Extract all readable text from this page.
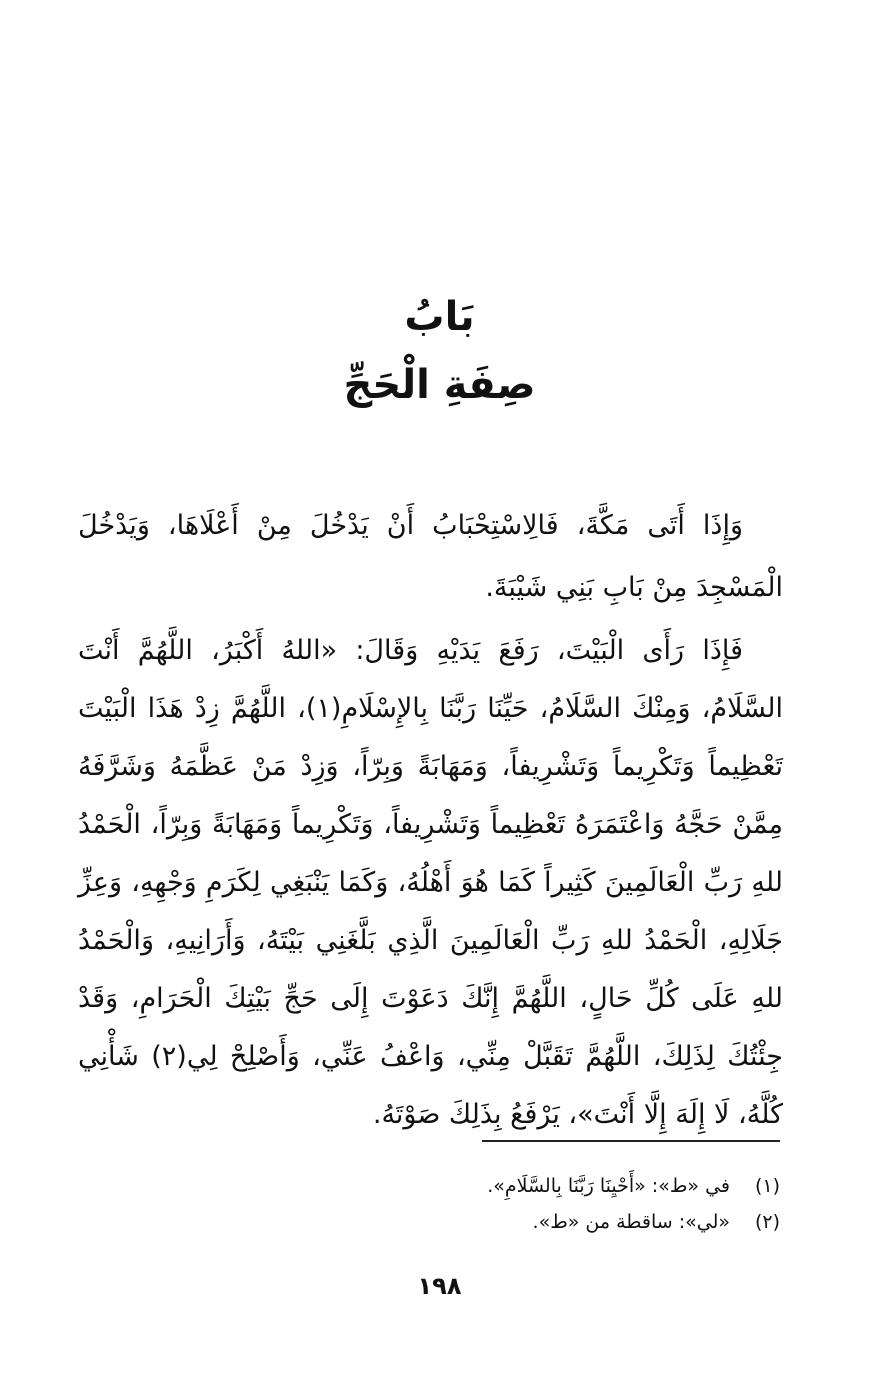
بَابُ
صِفَةِ الْحَجِّ

وَإِذَا أَتَى مَكَّةَ، فَالِاسْتِحْبَابُ أَنْ يَدْخُلَ مِنْ أَعْلَاهَا، وَيَدْخُلَ الْمَسْجِدَ مِنْ بَابِ بَنِي شَيْبَةَ.

فَإِذَا رَأَى الْبَيْتَ، رَفَعَ يَدَيْهِ وَقَالَ: «اللهُ أَكْبَرُ، اللَّهُمَّ أَنْتَ السَّلَامُ، وَمِنْكَ السَّلَامُ، حَيِّنَا رَبَّنَا بِالإِسْلَامِ(١)، اللَّهُمَّ زِدْ هَذَا الْبَيْتَ تَعْظِيماً وَتَكْرِيماً وَتَشْرِيفاً، وَمَهَابَةً وَبِرّاً، وَزِدْ مَنْ عَظَّمَهُ وَشَرَّفَهُ مِمَّنْ حَجَّهُ وَاعْتَمَرَهُ تَعْظِيماً وَتَشْرِيفاً، وَتَكْرِيماً وَمَهَابَةً وَبِرّاً، الْحَمْدُ للهِ رَبِّ الْعَالَمِينَ كَثِيراً كَمَا هُوَ أَهْلُهُ، وَكَمَا يَنْبَغِي لِكَرَمِ وَجْهِهِ، وَعِزِّ جَلَالِهِ، الْحَمْدُ للهِ رَبِّ الْعَالَمِينَ الَّذِي بَلَّغَنِي بَيْتَهُ، وَأَرَانِيهِ، وَالْحَمْدُ للهِ عَلَى كُلِّ حَالٍ، اللَّهُمَّ إِنَّكَ دَعَوْتَ إِلَى حَجِّ بَيْتِكَ الْحَرَامِ، وَقَدْ جِئْتُكَ لِذَلِكَ، اللَّهُمَّ تَقَبَّلْ مِنِّي، وَاعْفُ عَنِّي، وَأَصْلِحْ لِي(٢) شَأْنِي كُلَّهُ، لَا إِلَهَ إِلَّا أَنْتَ»، يَرْفَعُ بِذَلِكَ صَوْتَهُ.

(١)
في «ط»: «أَحْيِنَا رَبَّنَا بِالسَّلَامِ».
(٢)
«لي»: ساقطة من «ط».
١٩٨
